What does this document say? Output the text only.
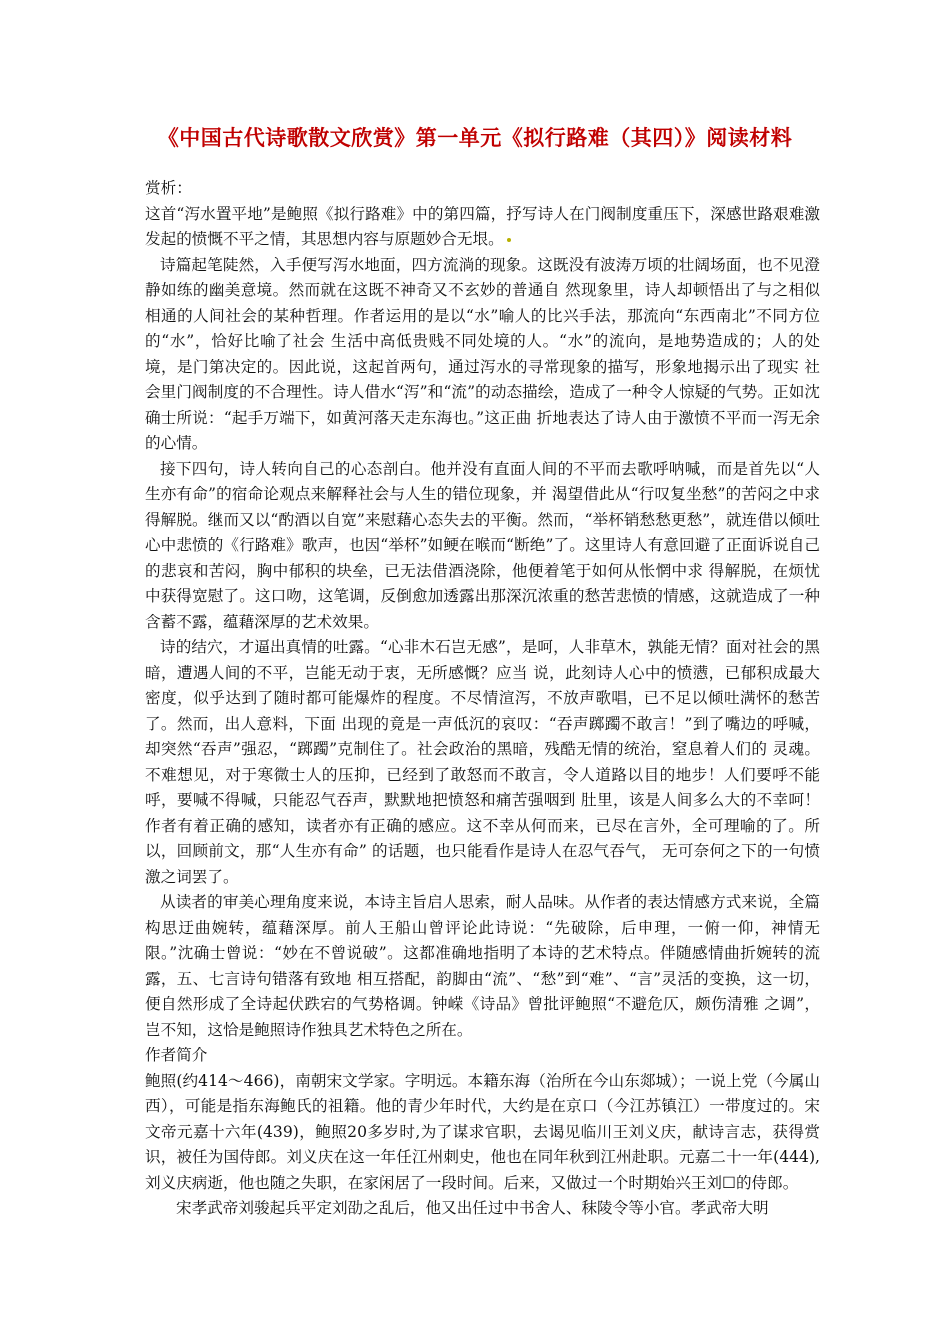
《中国古代诗歌散文欣赏》第一单元《拟行路难（其四）》阅读材料

赏析：

这首“泻水置平地”是鲍照《拟行路难》中的第四篇，抒写诗人在门阀制度重压下，深感世路艰难激发起的愤慨不平之情，其思想内容与原题妙合无垠。

诗篇起笔陡然，入手便写泻水地面，四方流淌的现象。这既没有波涛万顷的壮阔场面，也不见澄静如练的幽美意境。然而就在这既不神奇又不玄妙的普通自 然现象里，诗人却顿悟出了与之相似相通的人间社会的某种哲理。作者运用的是以“水”喻人的比兴手法，那流向“东西南北”不同方位的“水”，恰好比喻了社会 生活中高低贵贱不同处境的人。“水”的流向，是地势造成的；人的处境，是门第决定的。因此说，这起首两句，通过泻水的寻常现象的描写，形象地揭示出了现实 社会里门阀制度的不合理性。诗人借水“泻”和“流”的动态描绘，造成了一种令人惊疑的气势。正如沈确士所说：“起手万端下，如黄河落天走东海也。”这正曲 折地表达了诗人由于激愤不平而一泻无余的心情。

接下四句，诗人转向自己的心态剖白。他并没有直面人间的不平而去歌呼呐喊，而是首先以“人生亦有命”的宿命论观点来解释社会与人生的错位现象，并 渴望借此从“行叹复坐愁”的苦闷之中求得解脱。继而又以“酌酒以自宽”来慰藉心态失去的平衡。然而，“举杯销愁愁更愁”，就连借以倾吐心中悲愤的《行路难》歌声，也因“举杯”如鲠在喉而“断绝”了。这里诗人有意回避了正面诉说自己的悲哀和苦闷，胸中郁积的块垒，已无法借酒浇除，他便着笔于如何从怅惘中求 得解脱，在烦忧中获得宽慰了。这口吻，这笔调，反倒愈加透露出那深沉浓重的愁苦悲愤的情感，这就造成了一种含蓄不露，蕴藉深厚的艺术效果。

诗的结穴，才逼出真情的吐露。“心非木石岂无感”，是呵，人非草木，孰能无情？面对社会的黑暗，遭遇人间的不平，岂能无动于衷，无所感慨？应当 说，此刻诗人心中的愤懑，已郁积成最大密度，似乎达到了随时都可能爆炸的程度。不尽情渲泻，不放声歌唱，已不足以倾吐满怀的愁苦了。然而，出人意料，下面 出现的竟是一声低沉的哀叹：“吞声踯躅不敢言！”到了嘴边的呼喊，却突然“吞声”强忍，“踯躅”克制住了。社会政治的黑暗，残酷无情的统治，窒息着人们的 灵魂。不难想见，对于寒微士人的压抑，已经到了敢怒而不敢言，令人道路以目的地步！人们要呼不能呼，要喊不得喊，只能忍气吞声，默默地把愤怒和痛苦强咽到 肚里，该是人间多么大的不幸呵！作者有着正确的感知，读者亦有正确的感应。这不幸从何而来，已尽在言外，全可理喻的了。所以，回顾前文，那“人生亦有命” 的话题，也只能看作是诗人在忍气吞气， 无可奈何之下的一句愤激之词罢了。

从读者的审美心理角度来说，本诗主旨启人思索，耐人品味。从作者的表达情感方式来说，全篇构思迂曲婉转，蕴藉深厚。前人王船山曾评论此诗说：“先破除，后申理，一俯一仰，神情无限。”沈确士曾说：“妙在不曾说破”。这都准确地指明了本诗的艺术特点。伴随感情曲折婉转的流露，五、七言诗句错落有致地 相互搭配，韵脚由“流”、“愁”到“难”、“言”灵活的变换，这一切，便自然形成了全诗起伏跌宕的气势格调。钟嵘《诗品》曾批评鲍照“不避危仄，颇伤清雅 之调”，岂不知，这恰是鲍照诗作独具艺术特色之所在。

作者简介

鲍照(约414～466)，南朝宋文学家。字明远。本籍东海（治所在今山东郯城）；一说上党（今属山西），可能是指东海鲍氏的祖籍。他的青少年时代，大约是在京口（今江苏镇江）一带度过的。宋文帝元嘉十六年(439)，鲍照20多岁时,为了谋求官职，去谒见临川王刘义庆，献诗言志，获得赏识，被任为国侍郎。刘义庆在这一年任江州刺史，他也在同年秋到江州赴职。元嘉二十一年(444),刘义庆病逝，他也随之失职，在家闲居了一段时间。后来，又做过一个时期始兴王刘☐的侍郎。

宋孝武帝刘骏起兵平定刘劭之乱后，他又出任过中书舍人、秣陵令等小官。孝武帝大明
